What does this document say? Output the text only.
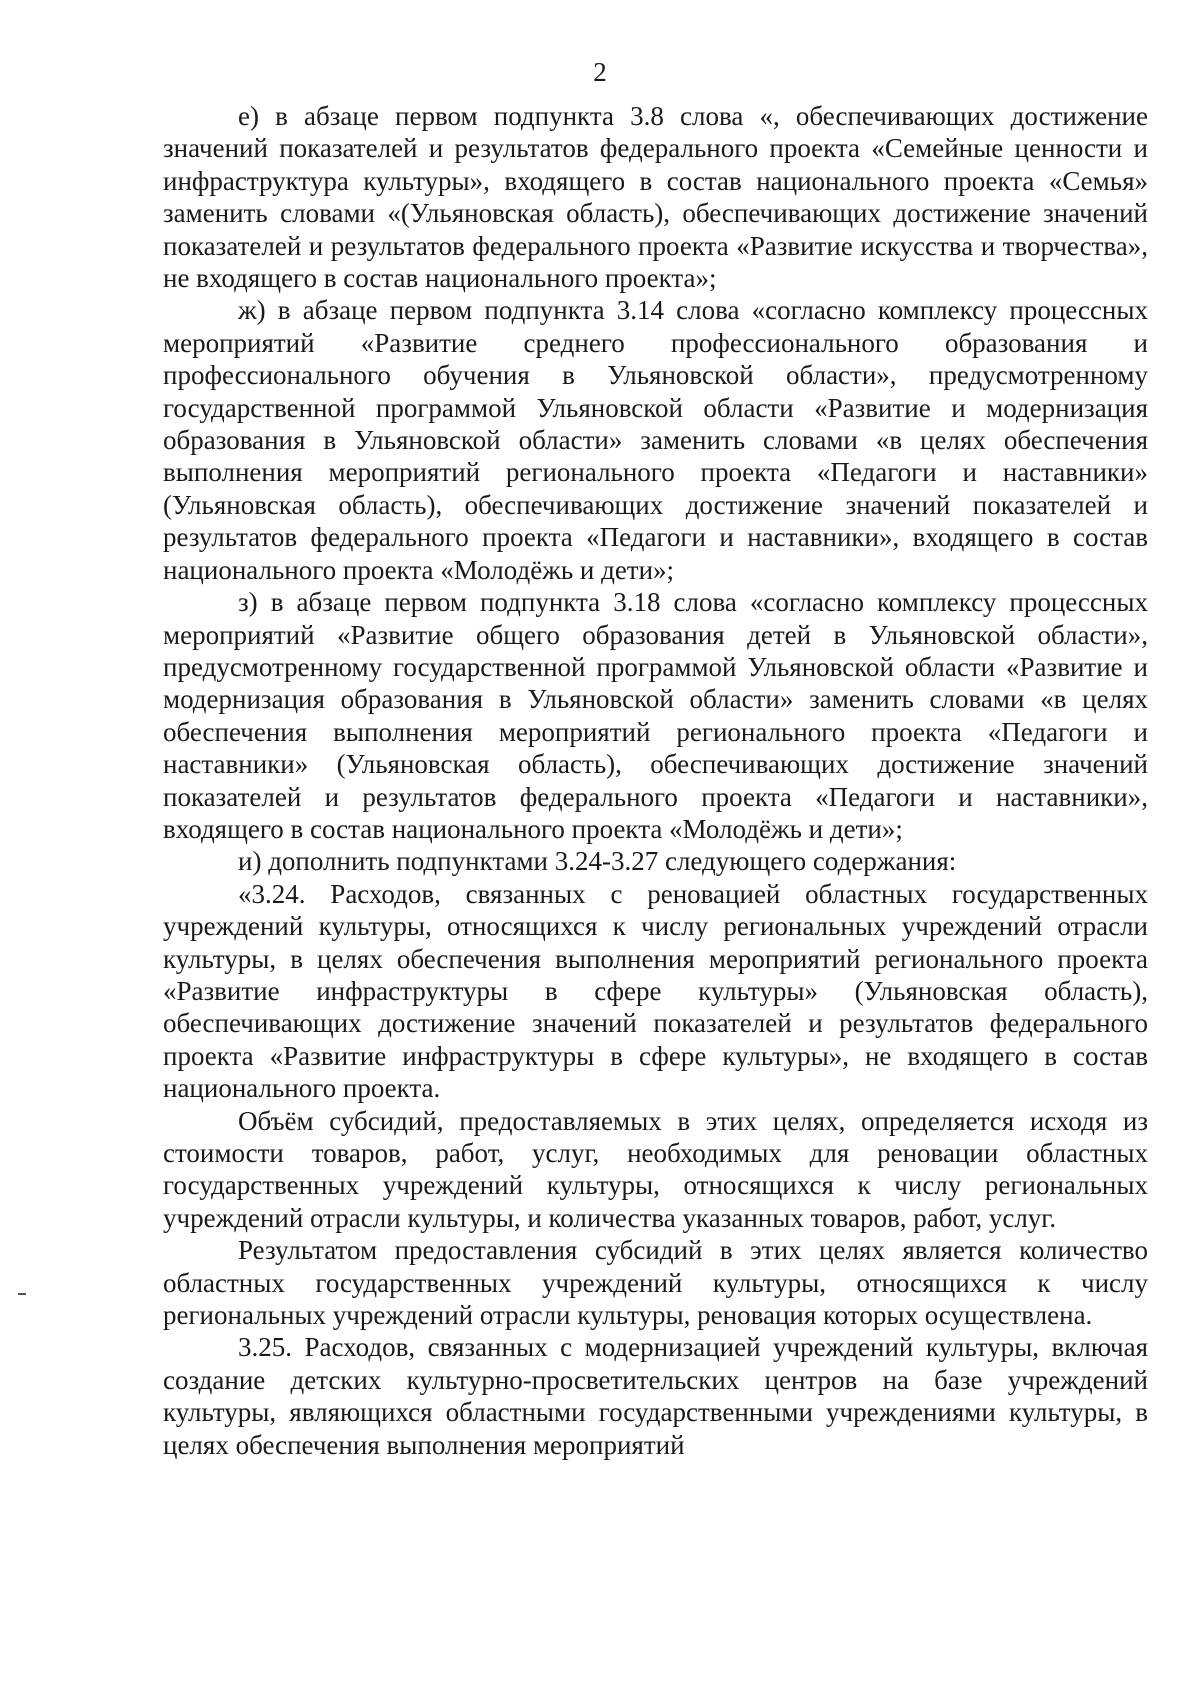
2

е) в абзаце первом подпункта 3.8 слова «, обеспечивающих достижение значений показателей и результатов федерального проекта «Семейные ценности и инфраструктура культуры», входящего в состав национального проекта «Семья» заменить словами «(Ульяновская область), обеспечивающих достижение значений показателей и результатов федерального проекта «Развитие искусства и творчества», не входящего в состав национального проекта»;

ж) в абзаце первом подпункта 3.14 слова «согласно комплексу процессных мероприятий «Развитие среднего профессионального образования и профессионального обучения в Ульяновской области», предусмотренному государственной программой Ульяновской области «Развитие и модернизация образования в Ульяновской области» заменить словами «в целях обеспечения выполнения мероприятий регионального проекта «Педагоги и наставники» (Ульяновская область), обеспечивающих достижение значений показателей и результатов федерального проекта «Педагоги и наставники», входящего в состав национального проекта «Молодёжь и дети»;

з) в абзаце первом подпункта 3.18 слова «согласно комплексу процессных мероприятий «Развитие общего образования детей в Ульяновской области», предусмотренному государственной программой Ульяновской области «Развитие и модернизация образования в Ульяновской области» заменить словами «в целях обеспечения выполнения мероприятий регионального проекта «Педагоги и наставники» (Ульяновская область), обеспечивающих достижение значений показателей и результатов федерального проекта «Педагоги и наставники», входящего в состав национального проекта «Молодёжь и дети»;

и) дополнить подпунктами 3.24-3.27 следующего содержания:

«3.24. Расходов, связанных с реновацией областных государственных учреждений культуры, относящихся к числу региональных учреждений отрасли культуры, в целях обеспечения выполнения мероприятий регионального проекта «Развитие инфраструктуры в сфере культуры» (Ульяновская область), обеспечивающих достижение значений показателей и результатов федерального проекта «Развитие инфраструктуры в сфере культуры», не входящего в состав национального проекта.

Объём субсидий, предоставляемых в этих целях, определяется исходя из стоимости товаров, работ, услуг, необходимых для реновации областных государственных учреждений культуры, относящихся к числу региональных учреждений отрасли культуры, и количества указанных товаров, работ, услуг.

Результатом предоставления субсидий в этих целях является количество областных государственных учреждений культуры, относящихся к числу региональных учреждений отрасли культуры, реновация которых осуществлена.

3.25. Расходов, связанных с модернизацией учреждений культуры, включая создание детских культурно-просветительских центров на базе учреждений культуры, являющихся областными государственными учреждениями культуры, в целях обеспечения выполнения мероприятий
